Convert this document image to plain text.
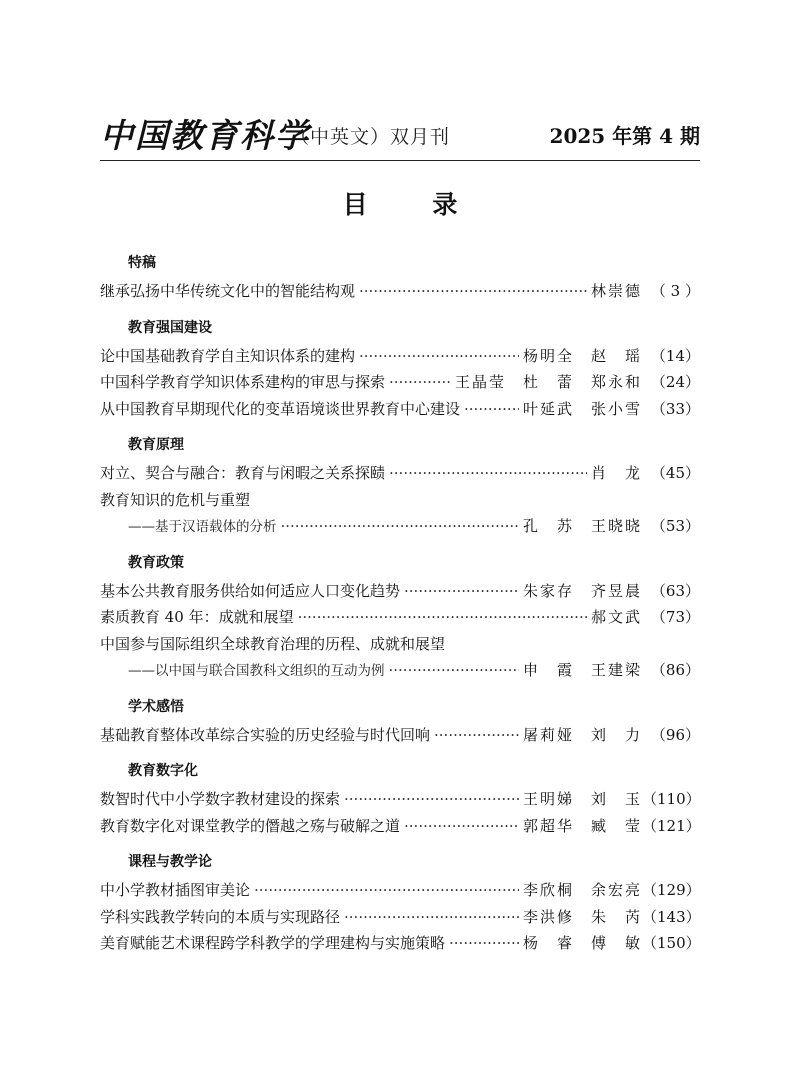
中国教育科学
（中英文）双月刊	2025 年第 4 期
目 录
特稿
继承弘扬中华传统文化中的智能结构观 ·····	林崇德 （ 3 ）
教育强国建设
论中国基础教育学自主知识体系的建构 ·····	杨明全　赵　瑶 （14）
中国科学教育学知识体系建构的审思与探索 ·····	王晶莹　杜　蕾　郑永和 （24）
从中国教育早期现代化的变革语境谈世界教育中心建设 ·····	叶延武　张小雪 （33）
教育原理
对立、契合与融合：教育与闲暇之关系探赜 ·····	肖　龙 （45）
教育知识的危机与重塑
——基于汉语载体的分析 ·····	孔　苏　王晓晓 （53）
教育政策
基本公共教育服务供给如何适应人口变化趋势 ·····	朱家存　齐昱晨 （63）
素质教育 40 年：成就和展望 ·····	郝文武 （73）
中国参与国际组织全球教育治理的历程、成就和展望
——以中国与联合国教科文组织的互动为例 ·····	申　霞　王建梁 （86）
学术感悟
基础教育整体改革综合实验的历史经验与时代回响 ·····	屠莉娅　刘　力 （96）
教育数字化
数智时代中小学数字教材建设的探索 ·····	王明娣　刘　玉 （110）
教育数字化对课堂教学的僭越之殇与破解之道 ·····	郭超华　臧　莹 （121）
课程与教学论
中小学教材插图审美论 ·····	李欣桐　余宏亮 （129）
学科实践教学转向的本质与实现路径 ·····	李洪修　朱　芮 （143）
美育赋能艺术课程跨学科教学的学理建构与实施策略 ·····	杨　睿　傅　敏 （150）
